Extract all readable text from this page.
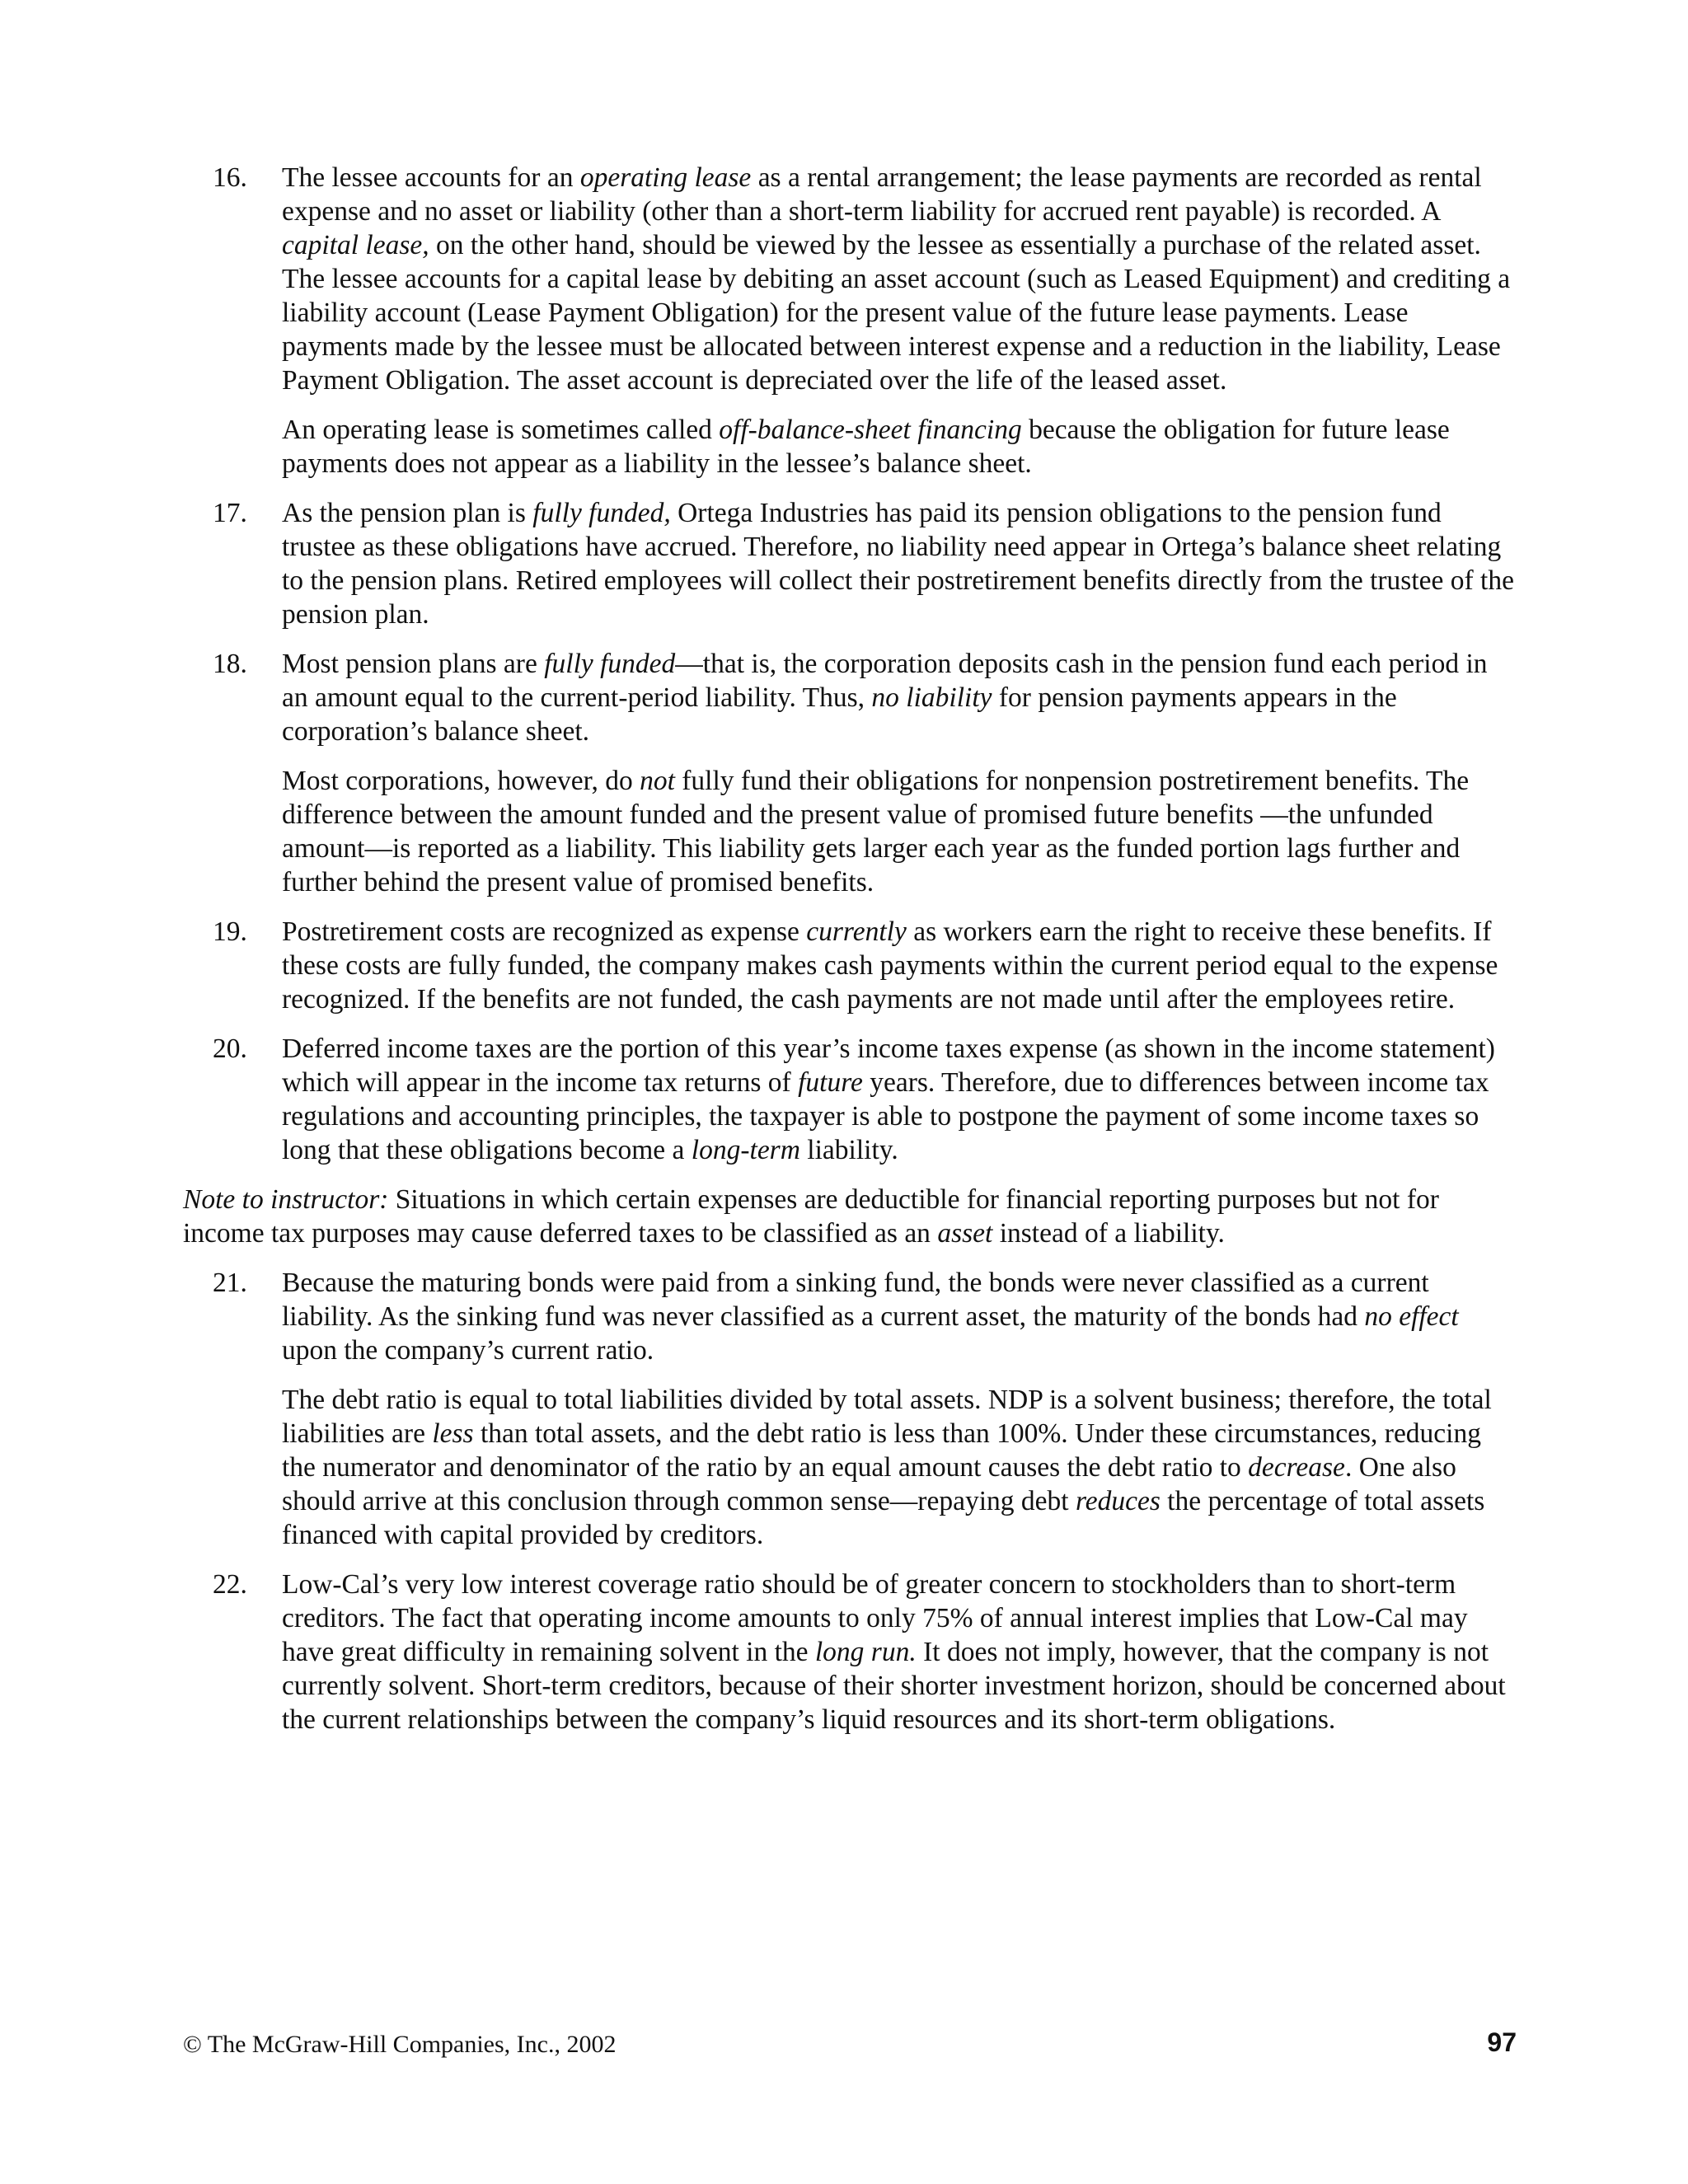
16.	The lessee accounts for an operating lease as a rental arrangement; the lease payments are recorded as rental expense and no asset or liability (other than a short-term liability for accrued rent payable) is recorded. A capital lease, on the other hand, should be viewed by the lessee as essentially a purchase of the related asset. The lessee accounts for a capital lease by debiting an asset account (such as Leased Equipment) and crediting a liability account (Lease Payment Obligation) for the present value of the future lease payments. Lease payments made by the lessee must be allocated between interest expense and a reduction in the liability, Lease Payment Obligation. The asset account is depreciated over the life of the leased asset.

An operating lease is sometimes called off-balance-sheet financing because the obligation for future lease payments does not appear as a liability in the lessee’s balance sheet.

17.	As the pension plan is fully funded, Ortega Industries has paid its pension obligations to the pension fund trustee as these obligations have accrued. Therefore, no liability need appear in Ortega’s balance sheet relating to the pension plans. Retired employees will collect their postretirement benefits directly from the trustee of the pension plan.

18.	Most pension plans are fully funded—that is, the corporation deposits cash in the pension fund each period in an amount equal to the current-period liability. Thus, no liability for pension payments appears in the corporation’s balance sheet.

Most corporations, however, do not fully fund their obligations for nonpension postretirement benefits. The difference between the amount funded and the present value of promised future benefits —the unfunded amount—is reported as a liability. This liability gets larger each year as the funded portion lags further and further behind the present value of promised benefits.

19.	Postretirement costs are recognized as expense currently as workers earn the right to receive these benefits. If these costs are fully funded, the company makes cash payments within the current period equal to the expense recognized. If the benefits are not funded, the cash payments are not made until after the employees retire.

20.	Deferred income taxes are the portion of this year’s income taxes expense (as shown in the income statement) which will appear in the income tax returns of future years. Therefore, due to differences between income tax regulations and accounting principles, the taxpayer is able to postpone the payment of some income taxes so long that these obligations become a long-term liability.

Note to instructor: Situations in which certain expenses are deductible for financial reporting purposes but not for income tax purposes may cause deferred taxes to be classified as an asset instead of a liability.
21.	Because the maturing bonds were paid from a sinking fund, the bonds were never classified as a current liability. As the sinking fund was never classified as a current asset, the maturity of the bonds had no effect upon the company’s current ratio.

The debt ratio is equal to total liabilities divided by total assets. NDP is a solvent business; therefore, the total liabilities are less than total assets, and the debt ratio is less than 100%. Under these circumstances, reducing the numerator and denominator of the ratio by an equal amount causes the debt ratio to decrease. One also should arrive at this conclusion through common sense—repaying debt reduces the percentage of total assets financed with capital provided by creditors.

22.	Low-Cal’s very low interest coverage ratio should be of greater concern to stockholders than to short-term creditors. The fact that operating income amounts to only 75% of annual interest implies that Low-Cal may have great difficulty in remaining solvent in the long run. It does not imply, however, that the company is not currently solvent. Short-term creditors, because of their shorter investment horizon, should be concerned about the current relationships between the company’s liquid resources and its short-term obligations.

© The McGraw-Hill Companies, Inc., 2002	97
